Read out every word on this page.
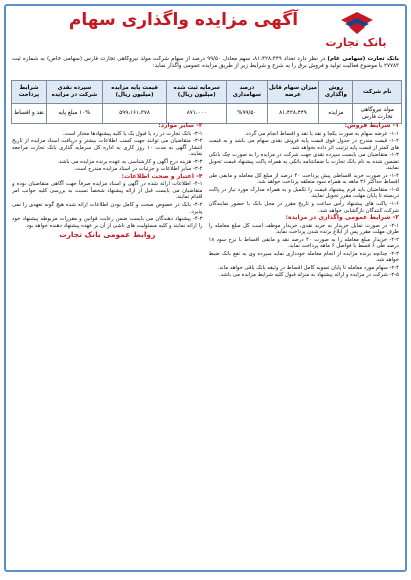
آگهی مزایده واگذاری سهام
بانک تجارت
بانک تجارت (سهامی عام) در نظر دارد تعداد ۸۱،۴۲۸،۴۴۹، سهم معادل ۹۹/۵۰ درصد از سهام شرکت مولد نیروگاهی تجارت فارس (سهامی خاص) به شماره ثبت ۲۷۷۸۳ با موضوع فعالیت تولید و فروش برق را به شرح و شرایط زیر از طریق مزایده عمومی واگذار نماید:
نام شرکت	روش واگذاری	میزان سهام قابل عرضه	درصد سهامداری	سرمایه ثبت شده (میلیون ریال)	قیمت پایه مزایده (میلیون ریال)	سپرده نقدی شرکت در مزایده	شرایط پرداخت
مولد نیروگاهی تجارت فارس	مزایده	۸۱،۴۲۸،۴۴۹	%۹۹/۵۰	۸۷۱،۰۰۰	۵۹۹،۱۶۱،۳۷۸	۱۰% مبلغ پایه	نقد و اقساط
۱- شرایط فروش:

۱-۱- عرضه سهام به صورت یکجا و نقد یا نقد و اقساط انجام می گردد.

۱-۲- قیمت مندرج در جدول فوق قیمت پایه فروش نقدی سهام می باشد و به قیمت های کمتر از قیمت پایه ترتیب اثر داده نخواهد شد.

۱-۳- متقاضیان می بایست سپرده نقدی جهت شرکت در مزایده را به صورت چک بانکی تضمین شده به نام بانک تجارت یا ضمانتنامه بانکی به همراه پاکت پیشنهاد قیمت تحویل نمایند.

۱-۴- در صورت خرید اقساطی پیش پرداخت ۴۰ درصد از مبلغ کل معامله و مابقی طی اقساط حداکثر ۳۶ ماهه به همراه سود متعلقه پرداخت خواهد شد.

۱-۵- متقاضیان باید فرم پیشنهاد قیمت را تکمیل و به همراه مدارک مورد نیاز در پاکت دربسته تا پایان مهلت مقرر تحویل نمایند.

۱-۶- پاکت های پیشنهاد رأس ساعت و تاریخ مقرر در محل بانک با حضور نمایندگان شرکت کنندگان بازگشایی خواهد شد.

۲- شرایط عمومی واگذاری در مزایده:

۲-۱- در صورت تمایل خریدار به خرید نقدی، خریدار موظف است کل مبلغ معامله را ظرف مهلت مقرر پس از ابلاغ برنده شدن پرداخت نماید.

۲-۲- خریدار مبلغ معامله را به صورت ۴۰ درصد نقد و مابقی اقساط با نرخ سود ۱۸ درصد طی ۶ قسط با فواصل ۶ ماهه پرداخت نماید.

۲-۳- چنانچه برنده مزایده از انجام معامله خودداری نماید سپرده وی به نفع بانک ضبط خواهد شد.

۲-۴- سهام مورد معامله تا پایان تسویه کامل اقساط در وثیقه بانک باقی خواهد ماند.

۲-۵- شرکت در مزایده و ارائه پیشنهاد به منزله قبول کلیه شرایط مزایده می باشد.

۳- سایر موارد:

۳-۱- بانک تجارت در رد یا قبول یک یا کلیه پیشنهادها مختار است.

۳-۲- متقاضیان می توانند جهت کسب اطلاعات بیشتر و دریافت اسناد مزایده از تاریخ انتشار آگهی به مدت ۱۰ روز کاری به اداره کل سرمایه گذاری بانک تجارت مراجعه نمایند.

۳-۳- هزینه درج آگهی و کارشناسی به عهده برنده مزایده می باشد.

۳-۴- سایر اطلاعات و جزئیات در اسناد مزایده مندرج است.

۴- اعتبار و صحت اطلاعات:

۴-۱- اطلاعات ارائه شده در آگهی و اسناد مزایده صرفاً جهت آگاهی متقاضیان بوده و متقاضیان می بایست قبل از ارائه پیشنهاد شخصاً نسبت به بررسی کلیه جوانب امر اقدام نمایند.

۴-۲- بانک در خصوص صحت و کامل بودن اطلاعات ارائه شده هیچ گونه تعهدی را نمی پذیرد.

۴-۳- پیشنهاد دهندگان می بایست ضمن رعایت قوانین و مقررات مربوطه پیشنهاد خود را ارائه نمایند و کلیه مسئولیت های ناشی از آن بر عهده پیشنهاد دهنده خواهد بود.

روابط عمومی بانک تجارت
